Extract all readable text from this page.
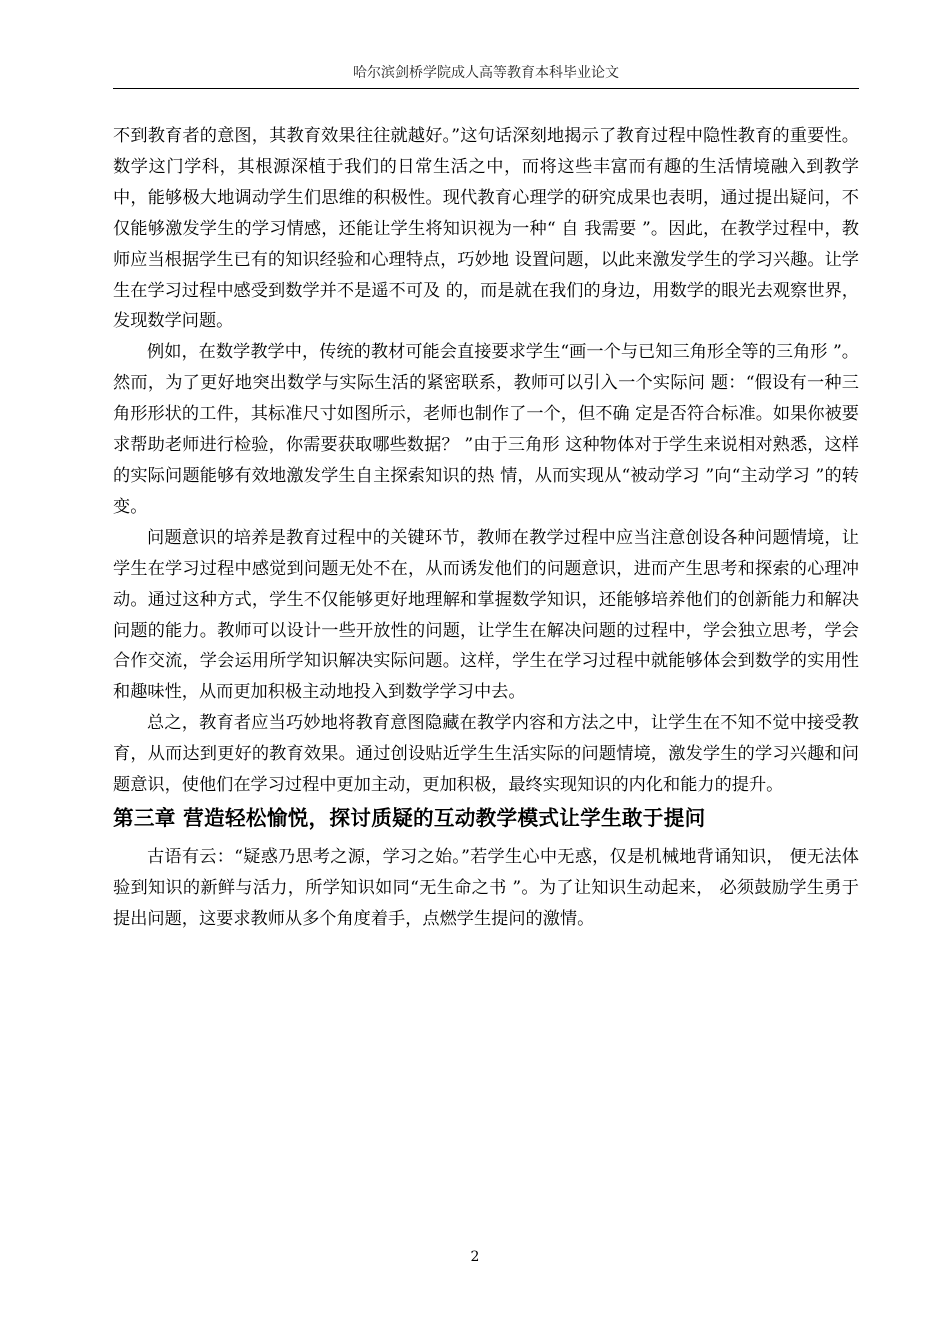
哈尔滨剑桥学院成人高等教育本科毕业论文

不到教育者的意图，其教育效果往往就越好。”这句话深刻地揭示了教育过程中隐性教育的重要性。数学这门学科，其根源深植于我们的日常生活之中，而将这些丰富而有趣的生活情境融入到教学中，能够极大地调动学生们思维的积极性。现代教育心理学的研究成果也表明，通过提出疑问，不仅能够激发学生的学习情感，还能让学生将知识视为一种“ 自 我需要 ”。因此，在教学过程中，教师应当根据学生已有的知识经验和心理特点，巧妙地 设置问题，以此来激发学生的学习兴趣。让学生在学习过程中感受到数学并不是遥不可及 的，而是就在我们的身边，用数学的眼光去观察世界，发现数学问题。

例如，在数学教学中，传统的教材可能会直接要求学生“画一个与已知三角形全等的三角形 ”。然而，为了更好地突出数学与实际生活的紧密联系，教师可以引入一个实际问 题：“假设有一种三角形形状的工件，其标准尺寸如图所示，老师也制作了一个，但不确 定是否符合标准。如果你被要求帮助老师进行检验，你需要获取哪些数据？ ”由于三角形 这种物体对于学生来说相对熟悉，这样的实际问题能够有效地激发学生自主探索知识的热 情，从而实现从“被动学习 ”向“主动学习 ”的转变。

问题意识的培养是教育过程中的关键环节，教师在教学过程中应当注意创设各种问题情境，让学生在学习过程中感觉到问题无处不在，从而诱发他们的问题意识，进而产生思考和探索的心理冲动。通过这种方式，学生不仅能够更好地理解和掌握数学知识，还能够培养他们的创新能力和解决问题的能力。教师可以设计一些开放性的问题，让学生在解决问题的过程中，学会独立思考，学会合作交流，学会运用所学知识解决实际问题。这样，学生在学习过程中就能够体会到数学的实用性和趣味性，从而更加积极主动地投入到数学学习中去。

总之，教育者应当巧妙地将教育意图隐藏在教学内容和方法之中，让学生在不知不觉中接受教育，从而达到更好的教育效果。通过创设贴近学生生活实际的问题情境，激发学生的学习兴趣和问题意识，使他们在学习过程中更加主动，更加积极，最终实现知识的内化和能力的提升。

第三章 营造轻松愉悦，探讨质疑的互动教学模式让学生敢于提问

古语有云：“疑惑乃思考之源，学习之始。”若学生心中无惑，仅是机械地背诵知识， 便无法体验到知识的新鲜与活力，所学知识如同“无生命之书 ”。为了让知识生动起来， 必须鼓励学生勇于提出问题，这要求教师从多个角度着手，点燃学生提问的激情。

2
